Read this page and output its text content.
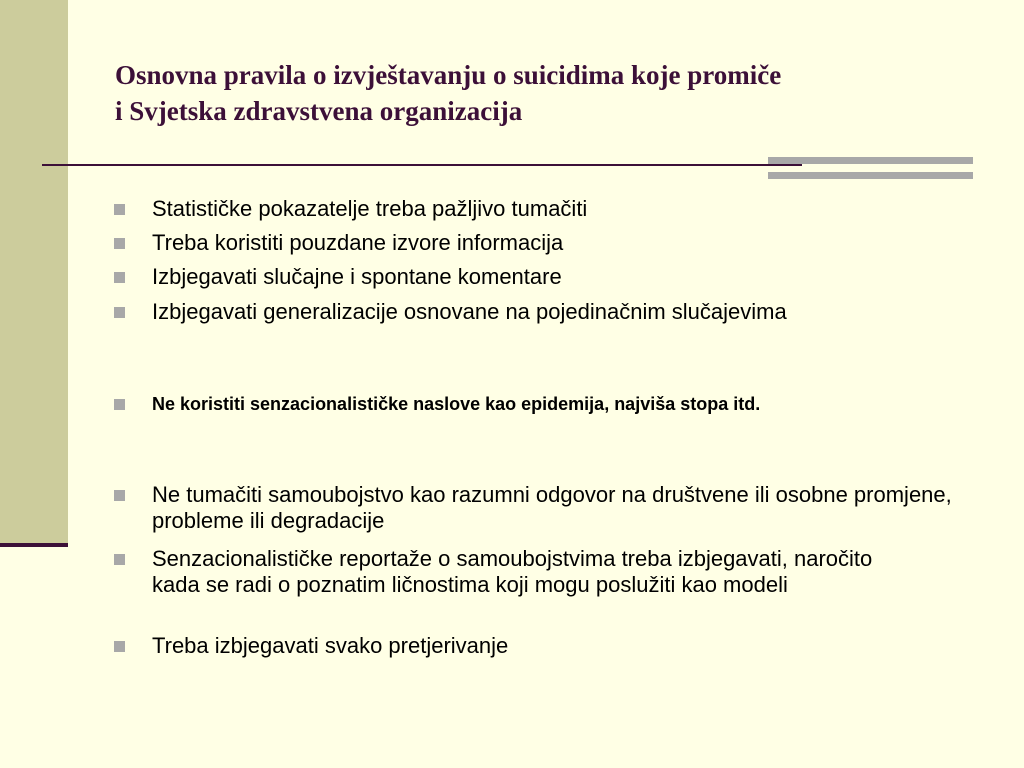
Osnovna pravila o izvještavanju o suicidima koje promiče
i Svjetska zdravstvena organizacija
Statističke pokazatelje treba pažljivo tumačiti
Treba koristiti pouzdane izvore informacija
Izbjegavati slučajne i spontane komentare
Izbjegavati generalizacije osnovane na pojedinačnim slučajevima
Ne koristiti senzacionalističke naslove kao epidemija, najviša stopa itd.
Ne tumačiti samoubojstvo kao razumni odgovor na društvene ili osobne promjene, probleme ili degradacije
Senzacionalističke reportaže o samoubojstvima treba izbjegavati, naročito kada se radi o poznatim ličnostima koji mogu poslužiti kao modeli
Treba izbjegavati svako pretjerivanje
